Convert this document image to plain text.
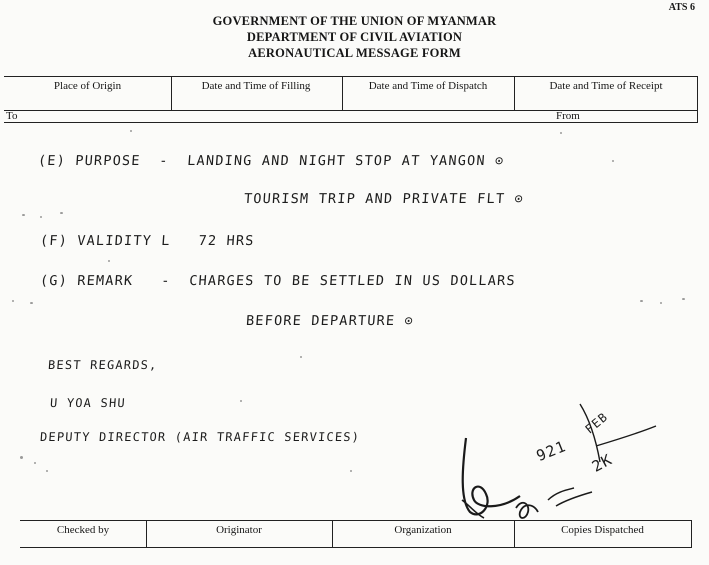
ATS 6
GOVERNMENT OF THE UNION OF MYANMAR
DEPARTMENT OF CIVIL AVIATION
AERONAUTICAL MESSAGE FORM
Place of Origin	Date and Time of Filling	Date and Time of Dispatch	Date and Time of Receipt
To	From
(E) PURPOSE  -  LANDING AND NIGHT STOP AT YANGON ⊙
TOURISM TRIP AND PRIVATE FLT ⊙
(F) VALIDITY L   72 HRS
(G) REMARK   -  CHARGES TO BE SETTLED IN US DOLLARS
BEFORE DEPARTURE ⊙
BEST REGARDS,
U YOA SHU
DEPUTY DIRECTOR (AIR TRAFFIC SERVICES)	921
FEB
2K
Checked by	Originator	Organization	Copies Dispatched
